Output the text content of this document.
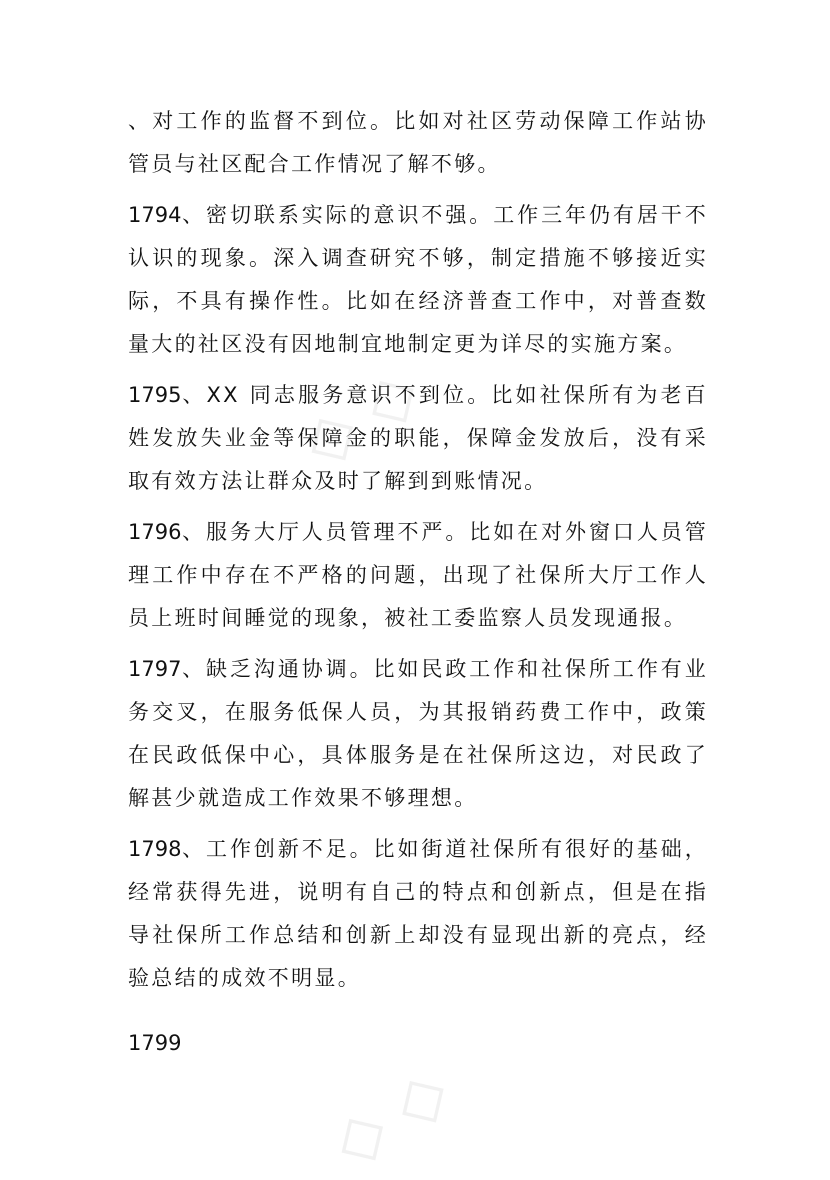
◇ ◇
◇ ◇

、对工作的监督不到位。比如对社区劳动保障工作站协管员与社区配合工作情况了解不够。

1794、密切联系实际的意识不强。工作三年仍有居干不认识的现象。深入调查研究不够，制定措施不够接近实际，不具有操作性。比如在经济普查工作中，对普查数量大的社区没有因地制宜地制定更为详尽的实施方案。

1795、XX 同志服务意识不到位。比如社保所有为老百姓发放失业金等保障金的职能，保障金发放后，没有采取有效方法让群众及时了解到到账情况。

1796、服务大厅人员管理不严。比如在对外窗口人员管理工作中存在不严格的问题，出现了社保所大厅工作人员上班时间睡觉的现象，被社工委监察人员发现通报。

1797、缺乏沟通协调。比如民政工作和社保所工作有业务交叉，在服务低保人员，为其报销药费工作中，政策在民政低保中心，具体服务是在社保所这边，对民政了解甚少就造成工作效果不够理想。

1798、工作创新不足。比如街道社保所有很好的基础，经常获得先进，说明有自己的特点和创新点，但是在指导社保所工作总结和创新上却没有显现出新的亮点，经验总结的成效不明显。

1799
